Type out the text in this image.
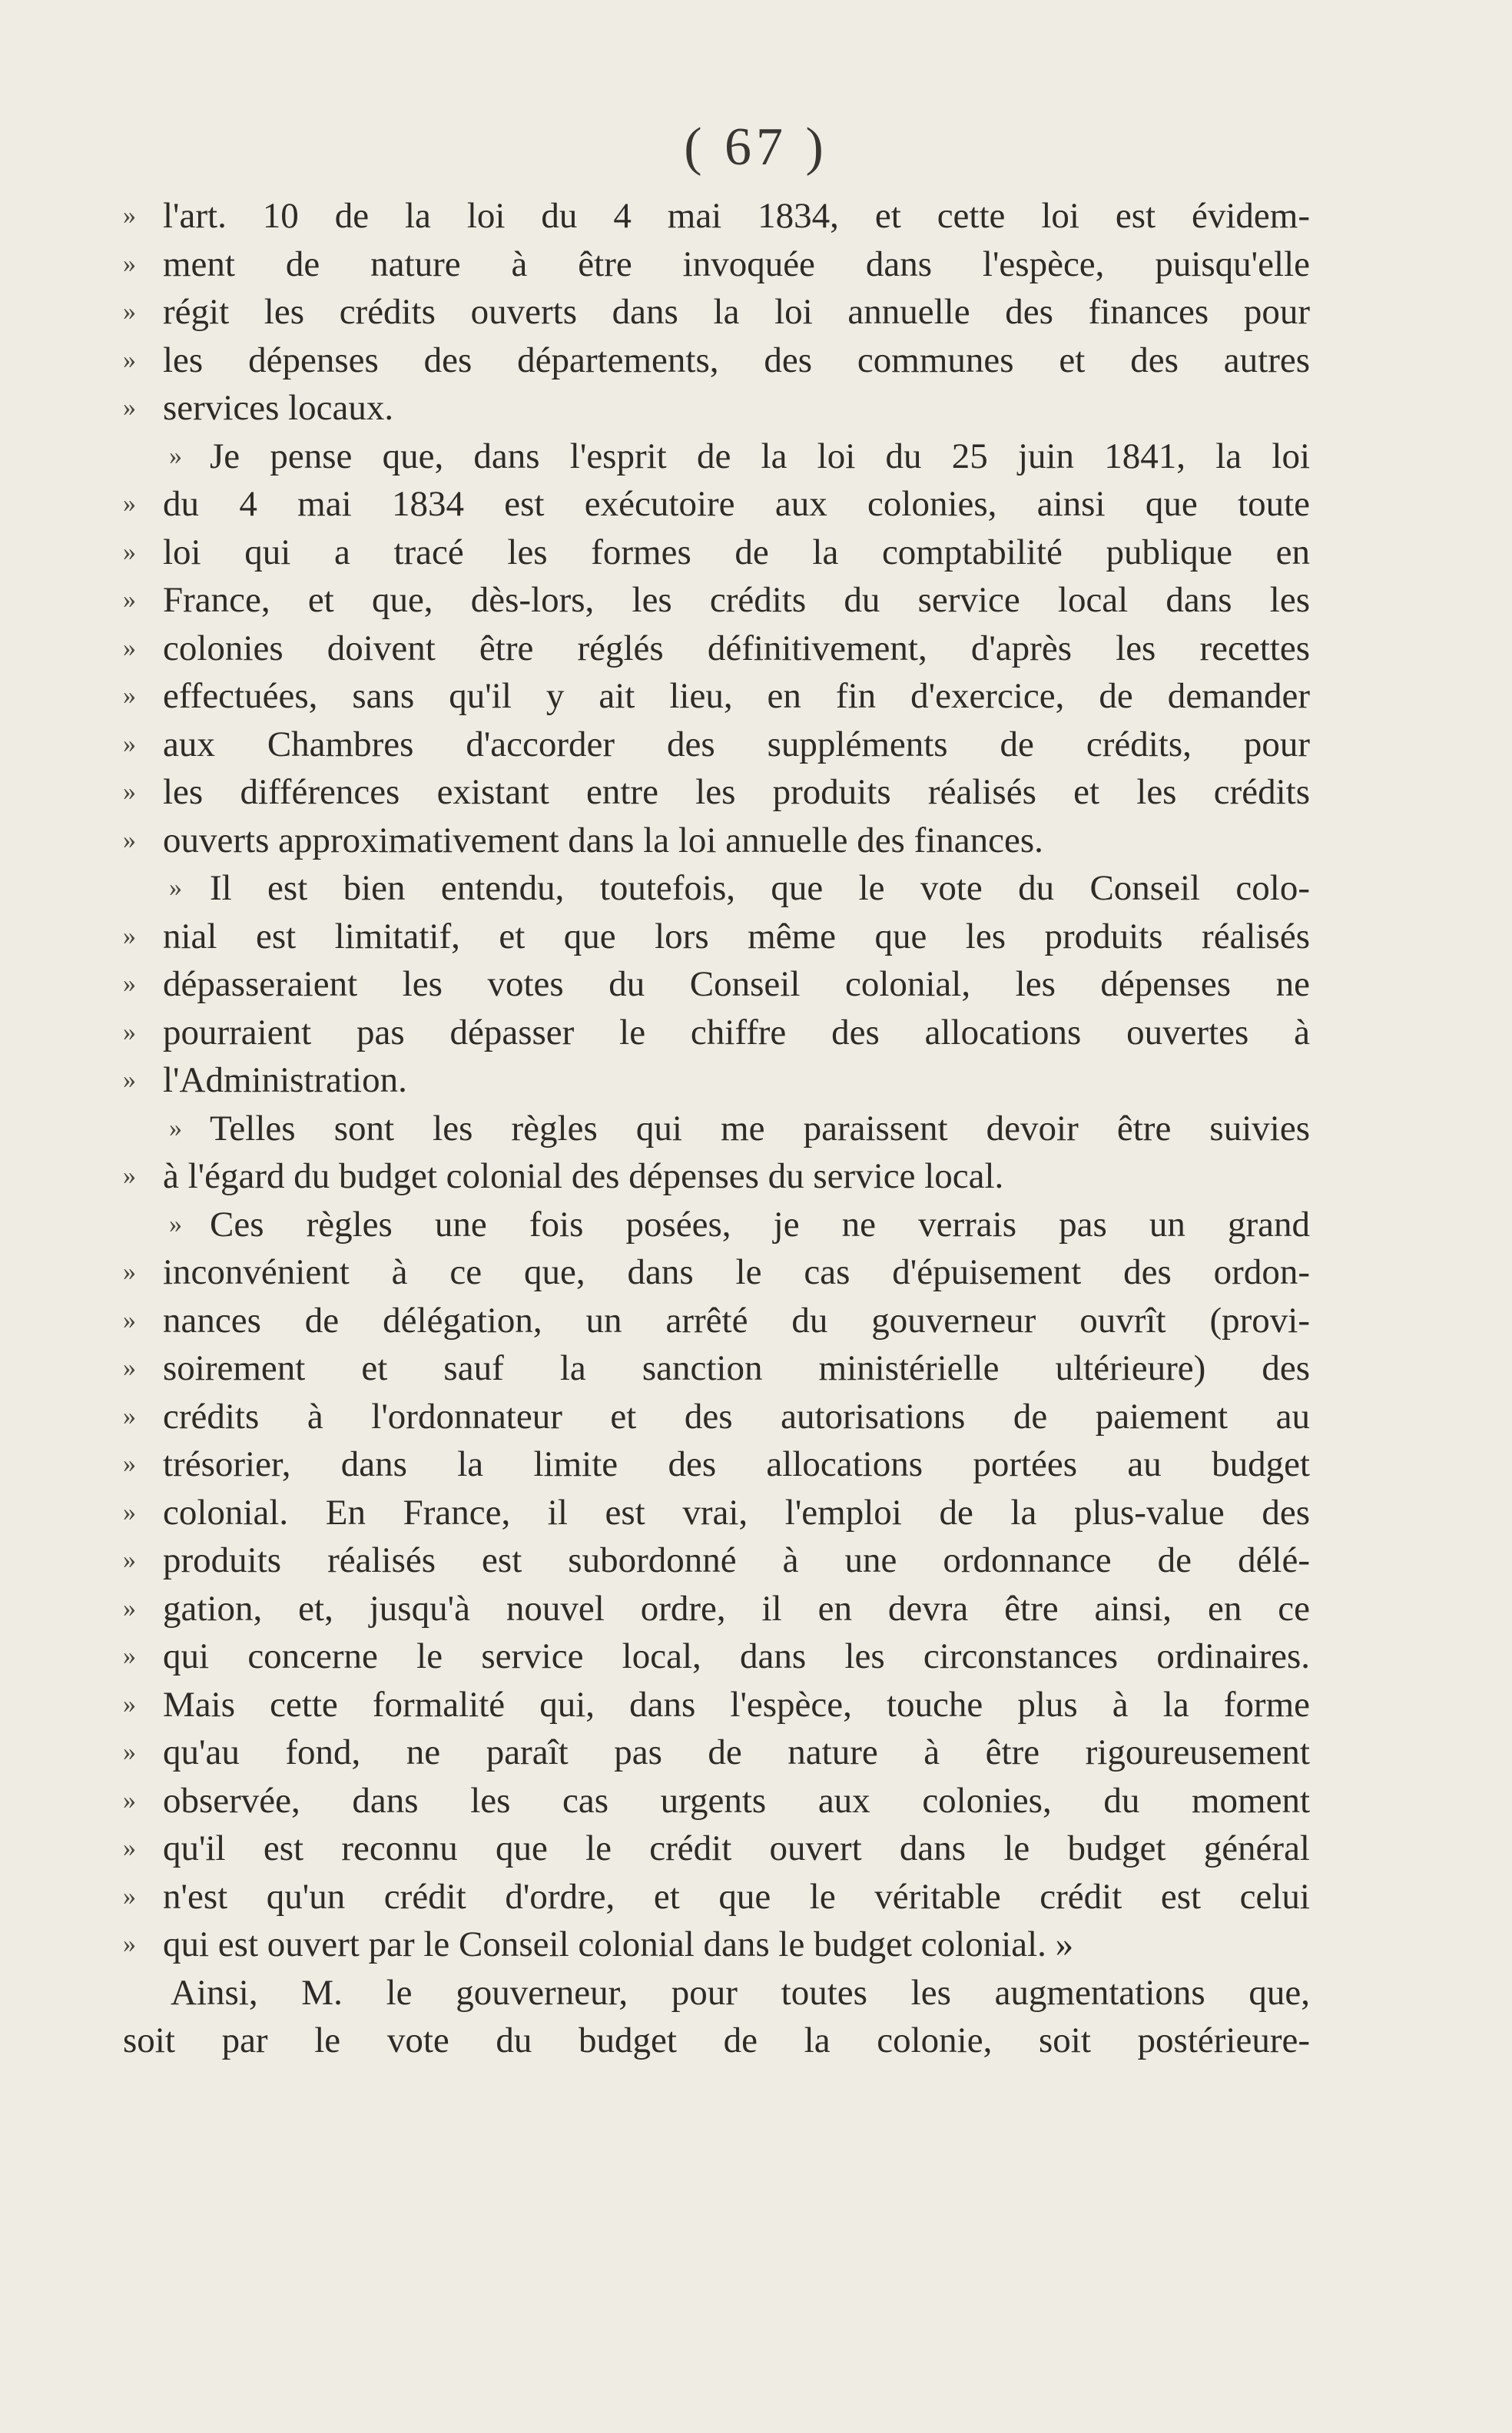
( 67 )
» l'art. 10 de la loi du 4 mai 1834, et cette loi est évidem-
» ment de nature à être invoquée dans l'espèce, puisqu'elle
» régit les crédits ouverts dans la loi annuelle des finances pour
» les dépenses des départements, des communes et des autres
» services locaux.
» Je pense que, dans l'esprit de la loi du 25 juin 1841, la loi
» du 4 mai 1834 est exécutoire aux colonies, ainsi que toute
» loi qui a tracé les formes de la comptabilité publique en
» France, et que, dès-lors, les crédits du service local dans les
» colonies doivent être réglés définitivement, d'après les recettes
» effectuées, sans qu'il y ait lieu, en fin d'exercice, de demander
» aux Chambres d'accorder des suppléments de crédits, pour
» les différences existant entre les produits réalisés et les crédits
» ouverts approximativement dans la loi annuelle des finances.
» Il est bien entendu, toutefois, que le vote du Conseil colo-
» nial est limitatif, et que lors même que les produits réalisés
» dépasseraient les votes du Conseil colonial, les dépenses ne
» pourraient pas dépasser le chiffre des allocations ouvertes à
» l'Administration.
» Telles sont les règles qui me paraissent devoir être suivies
» à l'égard du budget colonial des dépenses du service local.
» Ces règles une fois posées, je ne verrais pas un grand
» inconvénient à ce que, dans le cas d'épuisement des ordon-
» nances de délégation, un arrêté du gouverneur ouvrît (provi-
» soirement et sauf la sanction ministérielle ultérieure) des
» crédits à l'ordonnateur et des autorisations de paiement au
» trésorier, dans la limite des allocations portées au budget
» colonial. En France, il est vrai, l'emploi de la plus-value des
» produits réalisés est subordonné à une ordonnance de délé-
» gation, et, jusqu'à nouvel ordre, il en devra être ainsi, en ce
» qui concerne le service local, dans les circonstances ordinaires.
» Mais cette formalité qui, dans l'espèce, touche plus à la forme
» qu'au fond, ne paraît pas de nature à être rigoureusement
» observée, dans les cas urgents aux colonies, du moment
» qu'il est reconnu que le crédit ouvert dans le budget général
» n'est qu'un crédit d'ordre, et que le véritable crédit est celui
» qui est ouvert par le Conseil colonial dans le budget colonial. »
Ainsi, M. le gouverneur, pour toutes les augmentations que,
soit par le vote du budget de la colonie, soit postérieure-
